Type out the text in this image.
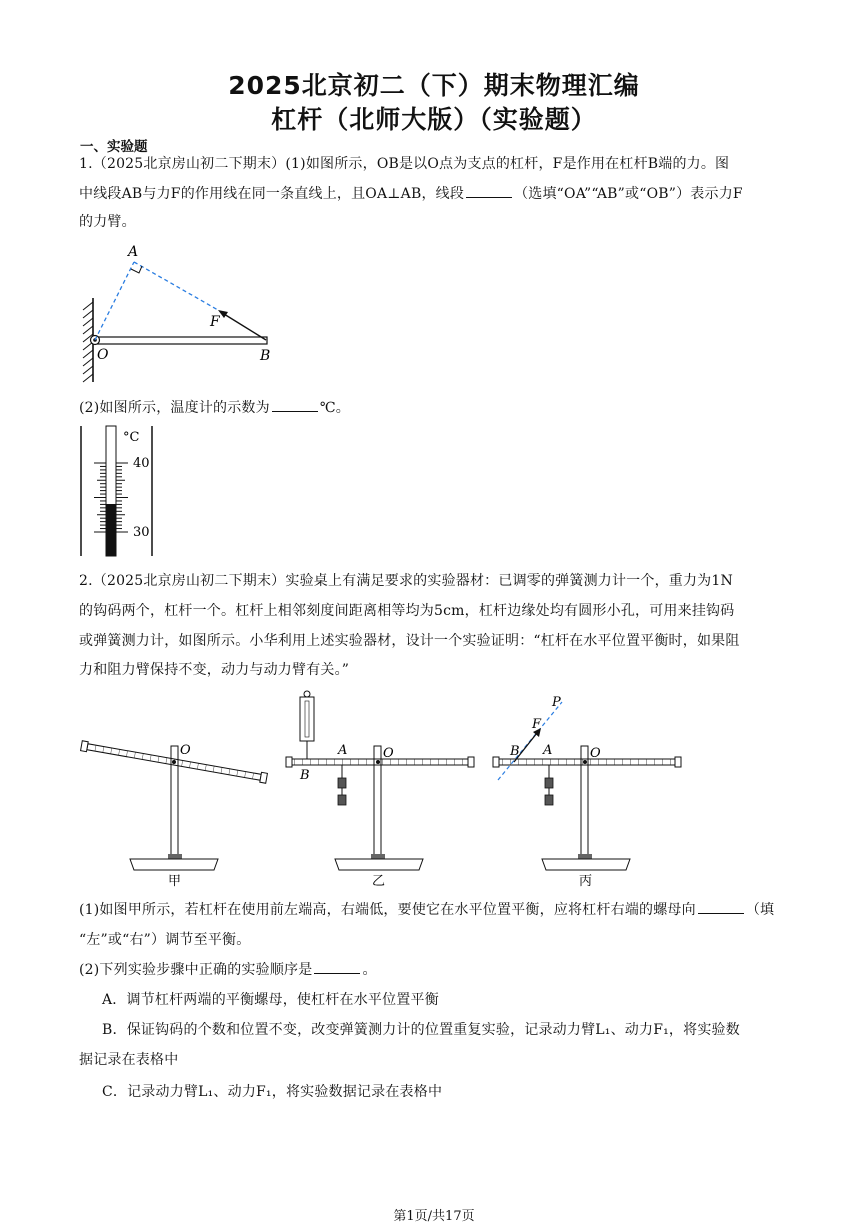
2025北京初二（下）期末物理汇编
杠杆（北师大版）（实验题）
一、实验题
1.（2025北京房山初二下期末）(1)如图所示，OB是以O点为支点的杠杆，F是作用在杠杆B端的力。图
中线段AB与力F的作用线在同一条直线上，且OA⊥AB，线段	（选填“OA”“AB”或“OB”）表示力F
的力臂。
A
F
O	B
(2)如图所示，温度计的示数为	℃。
°C
40
30
2.（2025北京房山初二下期末）实验桌上有满足要求的实验器材：已调零的弹簧测力计一个，重力为1N
的钩码两个，杠杆一个。杠杆上相邻刻度间距离相等均为5cm，杠杆边缘处均有圆形小孔，可用来挂钩码
或弹簧测力计，如图所示。小华利用上述实验器材，设计一个实验证明：“杠杆在水平位置平衡时，如果阻
力和阻力臂保持不变，动力与动力臂有关。”
O	A	O
B
P
F
B A	O
甲	乙	丙
(1)如图甲所示，若杠杆在使用前左端高，右端低，要使它在水平位置平衡，应将杠杆右端的螺母向	（填
“左”或“右”）调节至平衡。
(2)下列实验步骤中正确的实验顺序是	。
A．调节杠杆两端的平衡螺母，使杠杆在水平位置平衡
B．保证钩码的个数和位置不变，改变弹簧测力计的位置重复实验，记录动力臂L₁、动力F₁，将实验数
据记录在表格中
C．记录动力臂L₁、动力F₁，将实验数据记录在表格中
第1页/共17页
